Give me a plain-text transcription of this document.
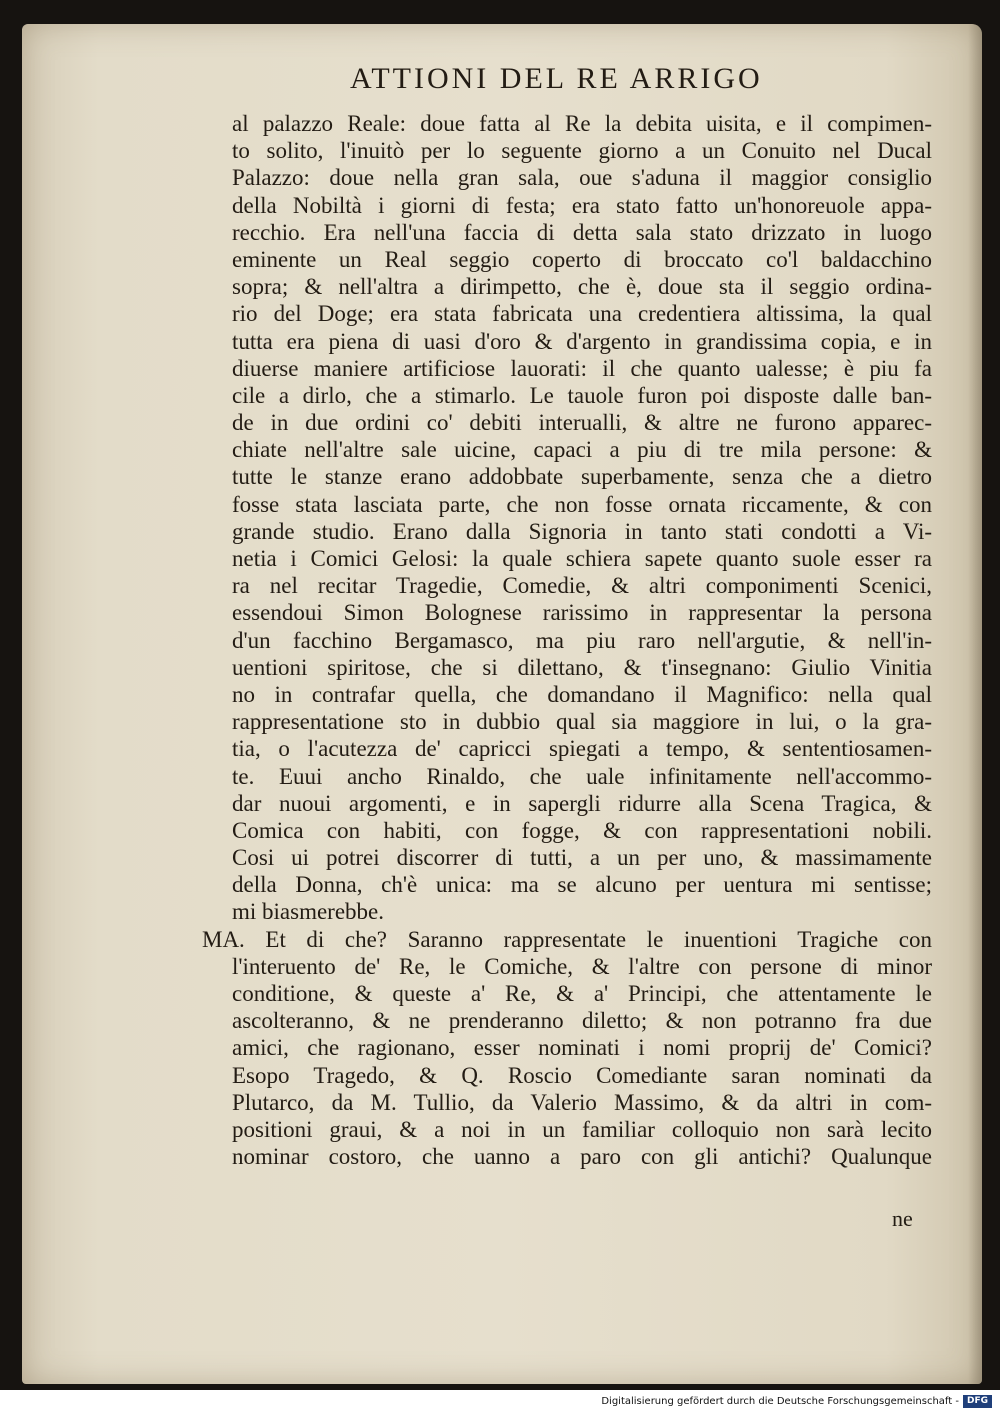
ATTIONI DEL RE ARRIGO
al palazzo Reale: doue fatta al Re la debita uisita, e il compimen-
to solito, l'inuitò per lo seguente giorno a un Conuito nel Ducal
Palazzo: doue nella gran sala, oue s'aduna il maggior consiglio
della Nobiltà i giorni di festa; era stato fatto un'honoreuole appa-
recchio. Era nell'una faccia di detta sala stato drizzato in luogo
eminente un Real seggio coperto di broccato co'l baldacchino
sopra; & nell'altra a dirimpetto, che è, doue sta il seggio ordina-
rio del Doge; era stata fabricata una credentiera altissima, la qual
tutta era piena di uasi d'oro & d'argento in grandissima copia, e in
diuerse maniere artificiose lauorati: il che quanto ualesse; è piu fa
cile a dirlo, che a stimarlo. Le tauole furon poi disposte dalle ban-
de in due ordini co' debiti interualli, & altre ne furono apparec-
chiate nell'altre sale uicine, capaci a piu di tre mila persone: &
tutte le stanze erano addobbate superbamente, senza che a dietro
fosse stata lasciata parte, che non fosse ornata riccamente, & con
grande studio. Erano dalla Signoria in tanto stati condotti a Vi-
netia i Comici Gelosi: la quale schiera sapete quanto suole esser ra
ra nel recitar Tragedie, Comedie, & altri componimenti Scenici,
essendoui Simon Bolognese rarissimo in rappresentar la persona
d'un facchino Bergamasco, ma piu raro nell'argutie, & nell'in-
uentioni spiritose, che si dilettano, & t'insegnano: Giulio Vinitia
no in contrafar quella, che domandano il Magnifico: nella qual
rappresentatione sto in dubbio qual sia maggiore in lui, o la gra-
tia, o l'acutezza de' capricci spiegati a tempo, & sententiosamen-
te. Euui ancho Rinaldo, che uale infinitamente nell'accommo-
dar nuoui argomenti, e in sapergli ridurre alla Scena Tragica, &
Comica con habiti, con fogge, & con rappresentationi nobili.
Cosi ui potrei discorrer di tutti, a un per uno, & massimamente
della Donna, ch'è unica: ma se alcuno per uentura mi sentisse;
mi biasmerebbe.
MA. Et di che? Saranno rappresentate le inuentioni Tragiche con
l'interuento de' Re, le Comiche, & l'altre con persone di minor
conditione, & queste a' Re, & a' Principi, che attentamente le
ascolteranno, & ne prenderanno diletto; & non potranno fra due
amici, che ragionano, esser nominati i nomi proprij de' Comici?
Esopo Tragedo, & Q. Roscio Comediante saran nominati da
Plutarco, da M. Tullio, da Valerio Massimo, & da altri in com-
positioni graui, & a noi in un familiar colloquio non sarà lecito
nominar costoro, che uanno a paro con gli antichi? Qualunque
ne
Digitalisierung gefördert durch die Deutsche Forschungsgemeinschaft - DFG
